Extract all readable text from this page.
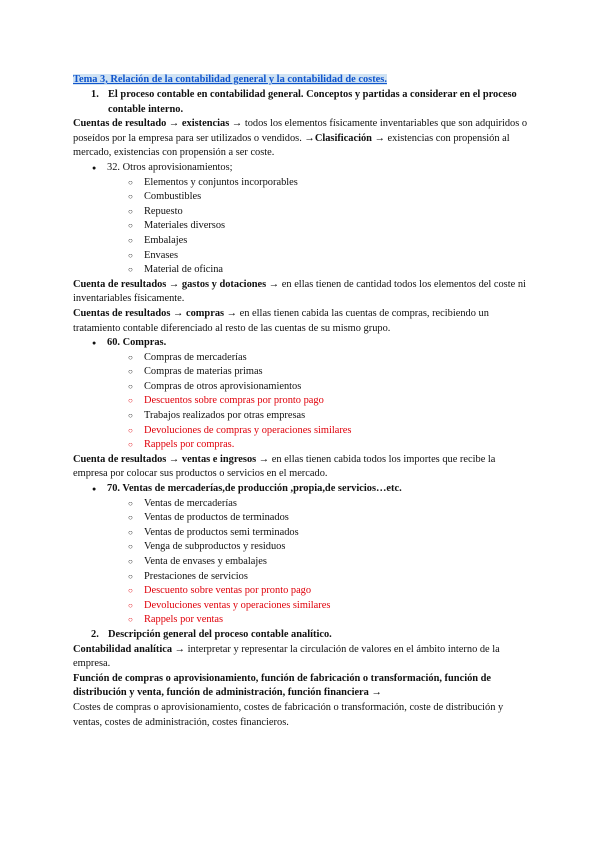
Tema 3, Relación de la contabilidad general y la contabilidad de costes.
1. El proceso contable en contabilidad general. Conceptos y partidas a considerar en el proceso contable interno.

Cuentas de resultado → existencias → todos los elementos físicamente inventariables que son adquiridos o poseídos por la empresa para ser utilizados o vendidos. →Clasificación → existencias con propensión al mercado, existencias con propensión a ser coste.

● 32. Otros aprovisionamientos;
○ Elementos y conjuntos incorporables
○ Combustibles
○ Repuesto
○ Materiales diversos
○ Embalajes
○ Envases
○ Material de oficina

Cuenta de resultados → gastos y dotaciones → en ellas tienen de cantidad todos los elementos del coste ni inventariables físicamente.

Cuentas de resultados → compras → en ellas tienen cabida las cuentas de compras, recibiendo un tratamiento contable diferenciado al resto de las cuentas de su mismo grupo.

● 60. Compras.
○ Compras de mercaderías
○ Compras de materias primas
○ Compras de otros aprovisionamientos
○ Descuentos sobre compras por pronto pago
○ Trabajos realizados por otras empresas
○ Devoluciones de compras y operaciones similares
○ Rappels por compras.

Cuenta de resultados → ventas e ingresos → en ellas tienen cabida todos los importes que recibe la empresa por colocar sus productos o servicios en el mercado.

● 70. Ventas de mercaderías,de producción ,propia,de servicios…etc.
○ Ventas de mercaderías
○ Ventas de productos de terminados
○ Ventas de productos semi terminados
○ Venga de subproductos y residuos
○ Venta de envases y embalajes
○ Prestaciones de servicios
○ Descuento sobre ventas por pronto pago
○ Devoluciones ventas y operaciones similares
○ Rappels por ventas
2. Descripción general del proceso contable analítico.

Contabilidad analítica → interpretar y representar la circulación de valores en el ámbito interno de la empresa.

Función de compras o aprovisionamiento, función de fabricación o transformación, función de distribución y venta, función de administración, función financiera →

Costes de compras o aprovisionamiento, costes de fabricación o transformación, coste de distribución y ventas, costes de administración, costes financieros.
